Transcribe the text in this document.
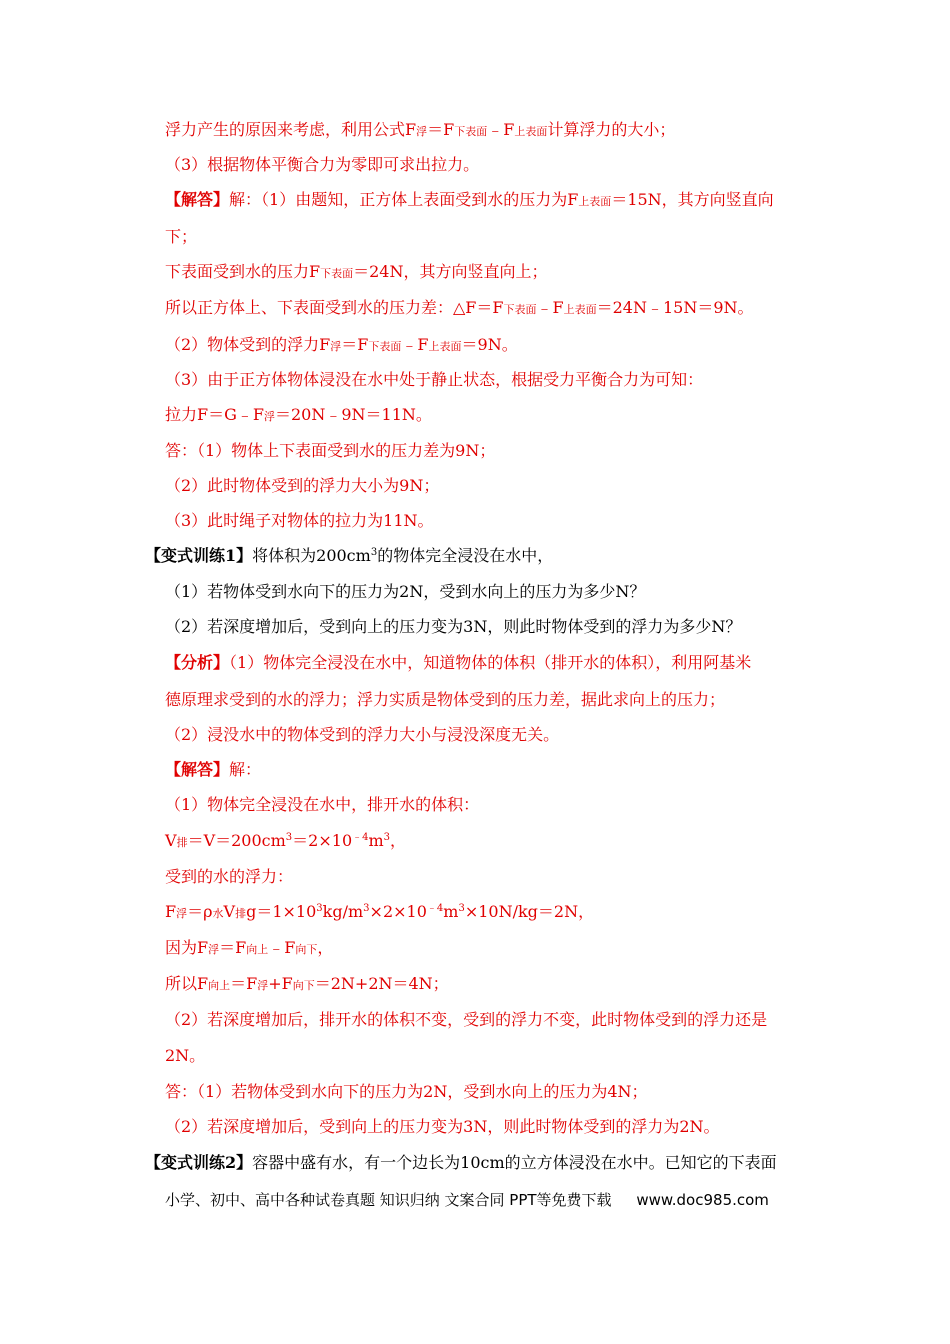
浮力产生的原因来考虑，利用公式F浮＝F下表面﹣F上表面计算浮力的大小；
（3）根据物体平衡合力为零即可求出拉力。
【解答】解：（1）由题知，正方体上表面受到水的压力为F上表面＝15N，其方向竖直向
下；
下表面受到水的压力F下表面＝24N，其方向竖直向上；
所以正方体上、下表面受到水的压力差：△F＝F下表面﹣F上表面＝24N﹣15N＝9N。
（2）物体受到的浮力F浮＝F下表面﹣F上表面＝9N。
（3）由于正方体物体浸没在水中处于静止状态，根据受力平衡合力为可知：
拉力F＝G﹣F浮＝20N﹣9N＝11N。
答：（1）物体上下表面受到水的压力差为9N；
（2）此时物体受到的浮力大小为9N；
（3）此时绳子对物体的拉力为11N。
【变式训练1】将体积为$200cm^3$的物体完全浸没在水中，
（1）若物体受到水向下的压力为2N，受到水向上的压力为多少N？
（2）若深度增加后，受到向上的压力变为3N，则此时物体受到的浮力为多少N？
【分析】（1）物体完全浸没在水中，知道物体的体积（排开水的体积），利用阿基米
德原理求受到的水的浮力；浮力实质是物体受到的压力差，据此求向上的压力；
（2）浸没水中的物体受到的浮力大小与浸没深度无关。
【解答】解：
（1）物体完全浸没在水中，排开水的体积：
V排$=V=200cm^3=2\times 10^{﹣4}m^3$，
受到的水的浮力：
F浮＝ρ水V排$g=1\times 10^3kg/m^3\times 2\times 10^{﹣4}m^3\times 10N/kg=2N$，
因为F浮＝F向上﹣F向下，
所以F向上＝F浮+F向下＝2N+2N＝4N；
（2）若深度增加后，排开水的体积不变，受到的浮力不变，此时物体受到的浮力还是
2N。
答：（1）若物体受到水向下的压力为2N，受到水向上的压力为4N；
（2）若深度增加后，受到向上的压力变为3N，则此时物体受到的浮力为2N。
【变式训练2】容器中盛有水，有一个边长为10cm的立方体浸没在水中。已知它的下表面
小学、初中、高中各种试卷真题 知识归纳 文案合同 PPT等免费下载 www.doc985.com
